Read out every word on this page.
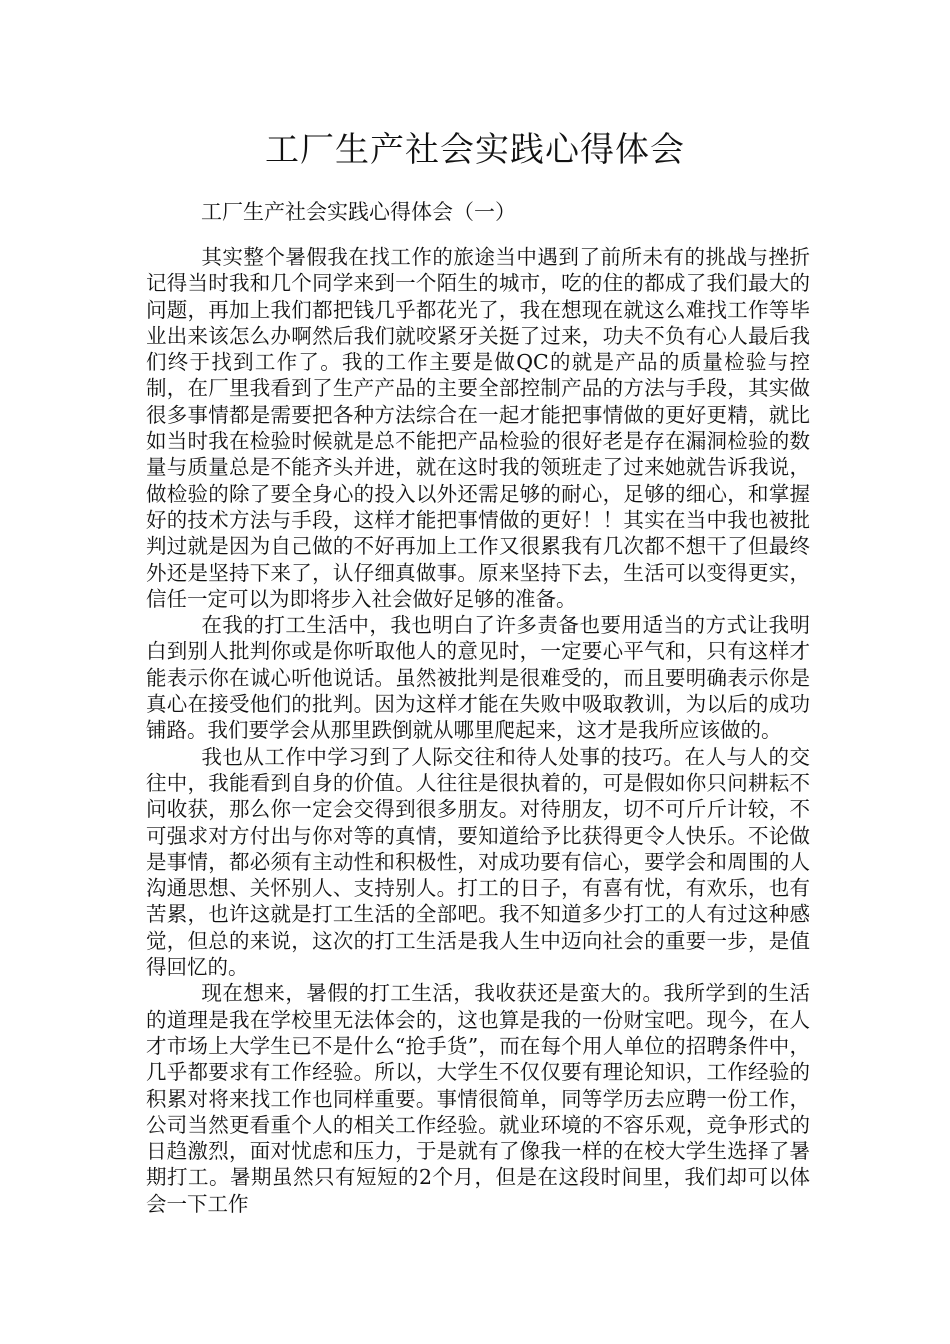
工厂生产社会实践心得体会
工厂生产社会实践心得体会（一）

其实整个暑假我在找工作的旅途当中遇到了前所未有的挑战与挫折记得当时我和几个同学来到一个陌生的城市，吃的住的都成了我们最大的问题，再加上我们都把钱几乎都花光了，我在想现在就这么难找工作等毕业出来该怎么办啊然后我们就咬紧牙关挺了过来，功夫不负有心人最后我们终于找到工作了。我的工作主要是做QC的就是产品的质量检验与控制，在厂里我看到了生产产品的主要全部控制产品的方法与手段，其实做很多事情都是需要把各种方法综合在一起才能把事情做的更好更精，就比如当时我在检验时候就是总不能把产品检验的很好老是存在漏洞检验的数量与质量总是不能齐头并进，就在这时我的领班走了过来她就告诉我说，做检验的除了要全身心的投入以外还需足够的耐心，足够的细心，和掌握好的技术方法与手段，这样才能把事情做的更好！！其实在当中我也被批判过就是因为自己做的不好再加上工作又很累我有几次都不想干了但最终外还是坚持下来了，认仔细真做事。原来坚持下去，生活可以变得更实，信任一定可以为即将步入社会做好足够的准备。

在我的打工生活中，我也明白了许多责备也要用适当的方式让我明白到别人批判你或是你听取他人的意见时，一定要心平气和，只有这样才能表示你在诚心听他说话。虽然被批判是很难受的，而且要明确表示你是真心在接受他们的批判。因为这样才能在失败中吸取教训，为以后的成功铺路。我们要学会从那里跌倒就从哪里爬起来，这才是我所应该做的。

我也从工作中学习到了人际交往和待人处事的技巧。在人与人的交往中，我能看到自身的价值。人往往是很执着的，可是假如你只问耕耘不问收获，那么你一定会交得到很多朋友。对待朋友，切不可斤斤计较，不可强求对方付出与你对等的真情，要知道给予比获得更令人快乐。不论做是事情，都必须有主动性和积极性，对成功要有信心，要学会和周围的人沟通思想、关怀别人、支持别人。打工的日子，有喜有忧，有欢乐，也有苦累，也许这就是打工生活的全部吧。我不知道多少打工的人有过这种感觉，但总的来说，这次的打工生活是我人生中迈向社会的重要一步，是值得回忆的。

现在想来，暑假的打工生活，我收获还是蛮大的。我所学到的生活的道理是我在学校里无法体会的，这也算是我的一份财宝吧。现今，在人才市场上大学生已不是什么“抢手货”，而在每个用人单位的招聘条件中，几乎都要求有工作经验。所以，大学生不仅仅要有理论知识，工作经验的积累对将来找工作也同样重要。事情很简单，同等学历去应聘一份工作，公司当然更看重个人的相关工作经验。就业环境的不容乐观，竞争形式的日趋激烈，面对忧虑和压力，于是就有了像我一样的在校大学生选择了暑期打工。暑期虽然只有短短的2个月，但是在这段时间里，我们却可以体会一下工作
